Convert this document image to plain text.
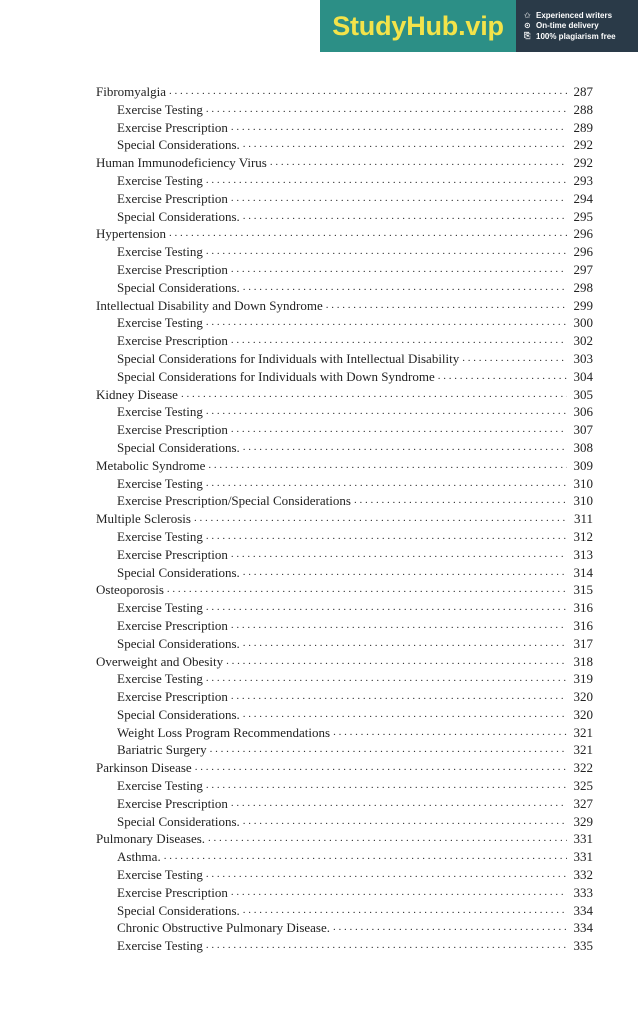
StudyHub.vip	✩ Experienced writers
⊙ On-time delivery
⎘ 100% plagiarism free
Fibromyalgia . . .	287
Exercise Testing . . .	288
Exercise Prescription . . .	289
Special Considerations. . . .	292
Human Immunodeficiency Virus . . .	292
Exercise Testing . . .	293
Exercise Prescription . . .	294
Special Considerations. . . .	295
Hypertension . . .	296
Exercise Testing . . .	296
Exercise Prescription . . .	297
Special Considerations. . . .	298
Intellectual Disability and Down Syndrome . . .	299
Exercise Testing . . .	300
Exercise Prescription . . .	302
Special Considerations for Individuals with Intellectual Disability . . .	303
Special Considerations for Individuals with Down Syndrome . . .	304
Kidney Disease . . .	305
Exercise Testing . . .	306
Exercise Prescription . . .	307
Special Considerations. . . .	308
Metabolic Syndrome . . .	309
Exercise Testing . . .	310
Exercise Prescription/Special Considerations . . .	310
Multiple Sclerosis . . .	311
Exercise Testing . . .	312
Exercise Prescription . . .	313
Special Considerations. . . .	314
Osteoporosis . . .	315
Exercise Testing . . .	316
Exercise Prescription . . .	316
Special Considerations. . . .	317
Overweight and Obesity . . .	318
Exercise Testing . . .	319
Exercise Prescription . . .	320
Special Considerations. . . .	320
Weight Loss Program Recommendations . . .	321
Bariatric Surgery . . .	321
Parkinson Disease . . .	322
Exercise Testing . . .	325
Exercise Prescription . . .	327
Special Considerations. . . .	329
Pulmonary Diseases. . . .	331
Asthma. . . .	331
Exercise Testing . . .	332
Exercise Prescription . . .	333
Special Considerations. . . .	334
Chronic Obstructive Pulmonary Disease. . . .	334
Exercise Testing . . .	335
